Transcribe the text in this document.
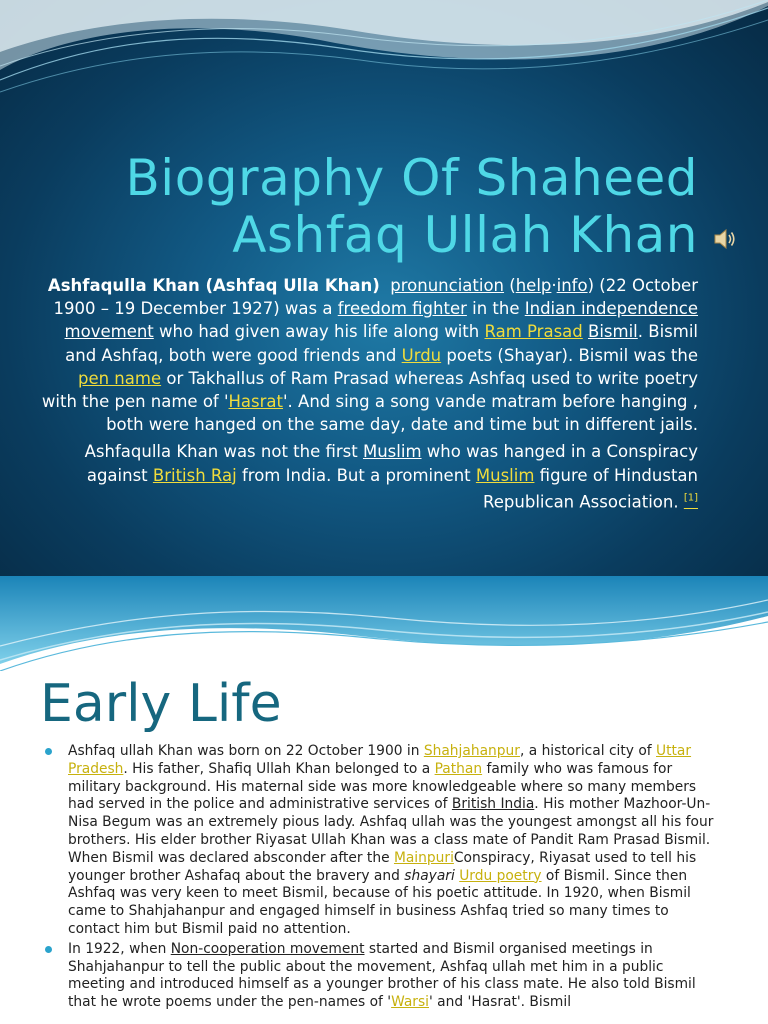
Biography Of Shaheed
Ashfaq Ullah Khan

Ashfaqulla Khan (Ashfaq Ulla Khan) pronunciation (help·info) (22 October 1900 – 19 December 1927) was a freedom fighter in the Indian independence movement who had given away his life along with Ram Prasad Bismil. Bismil and Ashfaq, both were good friends and Urdu poets (Shayar). Bismil was the pen name or Takhallus of Ram Prasad whereas Ashfaq used to write poetry with the pen name of 'Hasrat'. And sing a song vande matram before hanging , both were hanged on the same day, date and time but in different jails.

Ashfaqulla Khan was not the first Muslim who was hanged in a Conspiracy against British Raj from India. But a prominent Muslim figure of Hindustan Republican Association. [1]

Early Life
Ashfaq ullah Khan was born on 22 October 1900 in Shahjahanpur, a historical city of Uttar Pradesh. His father, Shafiq Ullah Khan belonged to a Pathan family who was famous for military background. His maternal side was more knowledgeable where so many members had served in the police and administrative services of British India. His mother Mazhoor-Un-Nisa Begum was an extremely pious lady. Ashfaq ullah was the youngest amongst all his four brothers. His elder brother Riyasat Ullah Khan was a class mate of Pandit Ram Prasad Bismil. When Bismil was declared absconder after the MainpuriConspiracy, Riyasat used to tell his younger brother Ashafaq about the bravery and shayari Urdu poetry of Bismil. Since then Ashfaq was very keen to meet Bismil, because of his poetic attitude. In 1920, when Bismil came to Shahjahanpur and engaged himself in business Ashfaq tried so many times to contact him but Bismil paid no attention.
In 1922, when Non-cooperation movement started and Bismil organised meetings in Shahjahanpur to tell the public about the movement, Ashfaq ullah met him in a public meeting and introduced himself as a younger brother of his class mate. He also told Bismil that he wrote poems under the pen-names of 'Warsi' and 'Hasrat'. Bismil
